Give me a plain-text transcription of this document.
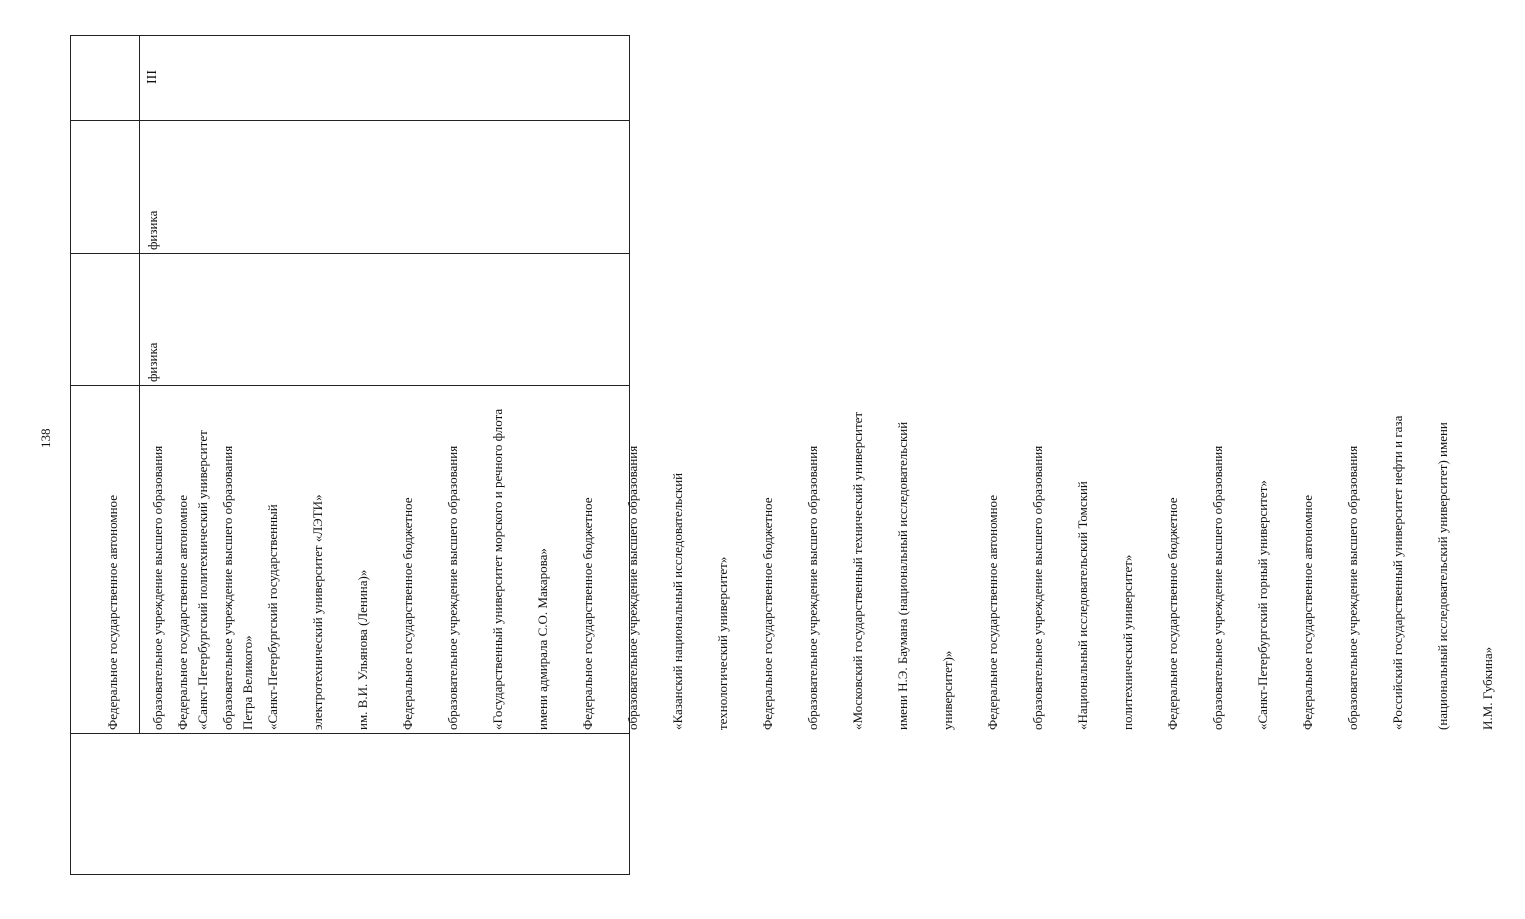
138

Федеральное государственное автономное

образовательное учреждение высшего образования

«Санкт-Петербургский политехнический университет

Петра Великого»

Федеральное государственное автономное

образовательное учреждение высшего образования

«Санкт-Петербургский государственный

электротехнический университет «ЛЭТИ»

им. В.И. Ульянова (Ленина)»

Федеральное государственное бюджетное

образовательное учреждение высшего образования

«Государственный университет морского и речного флота

имени адмирала С.О. Макарова»

Федеральное государственное бюджетное

образовательное учреждение высшего образования

«Казанский национальный исследовательский

технологический университет»

Федеральное государственное бюджетное

образовательное учреждение высшего образования

«Московский государственный технический университет

имени Н.Э. Баумана (национальный исследовательский

университет)»

Федеральное государственное автономное

образовательное учреждение высшего образования

«Национальный исследовательский Томский

политехнический университет»

Федеральное государственное бюджетное

образовательное учреждение высшего образования

«Санкт-Петербургский горный университет»

Федеральное государственное автономное

образовательное учреждение высшего образования

«Российский государственный университет нефти и газа

(национальный исследовательский университет) имени

И.М. Губкина»

физика
физика
III
